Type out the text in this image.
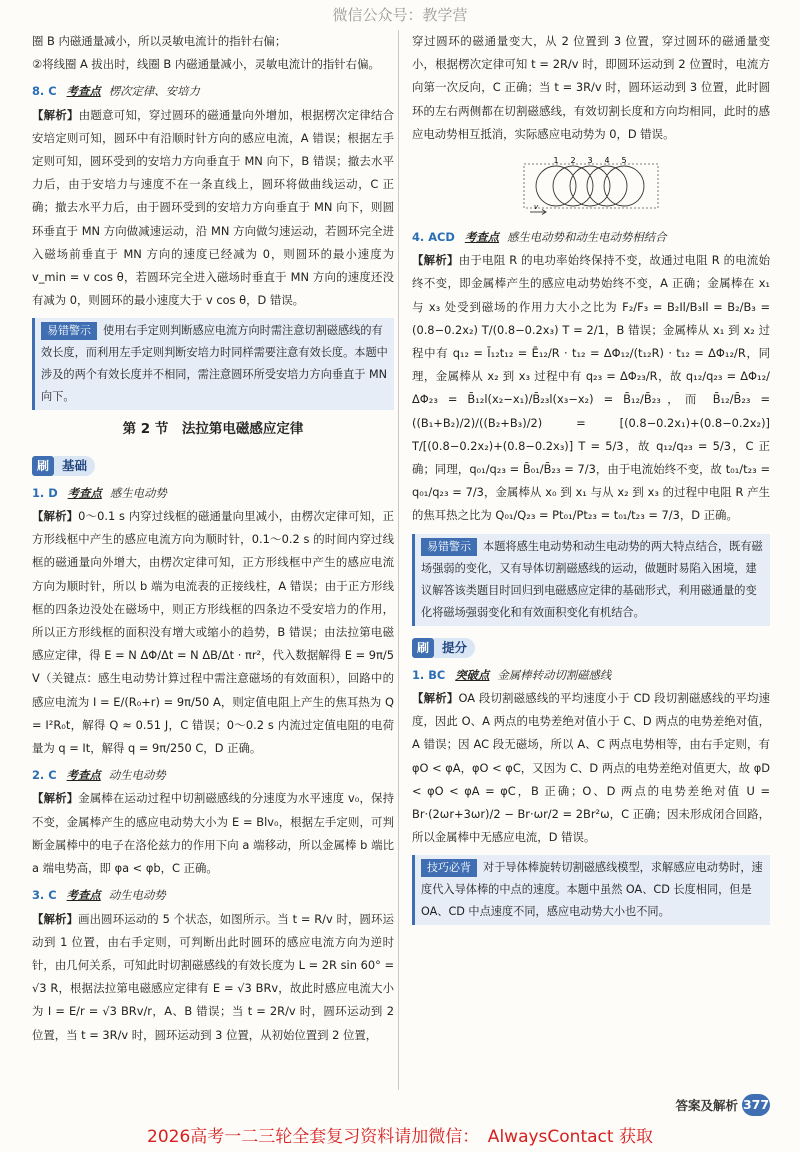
微信公众号：教学营

圈 B 内磁通量减小，所以灵敏电流计的指针右偏；

②将线圈 A 拔出时，线圈 B 内磁通量减小，灵敏电流计的指针右偏。

8. C 考查点 楞次定律、安培力

【解析】由题意可知，穿过圆环的磁通量向外增加，根据楞次定律结合安培定则可知，圆环中有沿顺时针方向的感应电流，A 错误；根据左手定则可知，圆环受到的安培力方向垂直于 MN 向下，B 错误；撤去水平力后，由于安培力与速度不在一条直线上，圆环将做曲线运动，C 正确；撤去水平力后，由于圆环受到的安培力方向垂直于 MN 向下，则圆环垂直于 MN 方向做减速运动，沿 MN 方向做匀速运动，若圆环完全进入磁场前垂直于 MN 方向的速度已经减为 0，则圆环的最小速度为 v_min = v cos θ，若圆环完全进入磁场时垂直于 MN 方向的速度还没有减为 0，则圆环的最小速度大于 v cos θ，D 错误。

易错警示 使用右手定则判断感应电流方向时需注意切割磁感线的有效长度，而利用左手定则判断安培力时同样需要注意有效长度。本题中涉及的两个有效长度并不相同，需注意圆环所受安培力方向垂直于 MN 向下。
第 2 节　法拉第电磁感应定律
刷	基础

1. D 考查点 感生电动势

【解析】0～0.1 s 内穿过线框的磁通量向里减小，由楞次定律可知，正方形线框中产生的感应电流方向为顺时针，0.1～0.2 s 的时间内穿过线框的磁通量向外增大，由楞次定律可知，正方形线框中产生的感应电流方向为顺时针，所以 b 端为电流表的正接线柱，A 错误；由于正方形线框的四条边没处在磁场中，则正方形线框的四条边不受安培力的作用，所以正方形线框的面积没有增大或缩小的趋势，B 错误；由法拉第电磁感应定律，得 E = N ΔΦ/Δt = N ΔB/Δt · πr²，代入数据解得 E = 9π/5 V（关键点：感生电动势计算过程中需注意磁场的有效面积），回路中的感应电流为 I = E/(R₀+r) = 9π/50 A，则定值电阻上产生的焦耳热为 Q = I²R₀t，解得 Q ≈ 0.51 J，C 错误；0～0.2 s 内流过定值电阻的电荷量为 q = It，解得 q = 9π/250 C，D 正确。

2. C 考查点 动生电动势

【解析】金属棒在运动过程中切割磁感线的分速度为水平速度 v₀，保持不变，金属棒产生的感应电动势大小为 E = Blv₀，根据左手定则，可判断金属棒中的电子在洛伦兹力的作用下向 a 端移动，所以金属棒 b 端比 a 端电势高，即 φa < φb，C 正确。

3. C 考查点 动生电动势

【解析】画出圆环运动的 5 个状态，如图所示。当 t = R/v 时，圆环运动到 1 位置，由右手定则，可判断出此时圆环的感应电流方向为逆时针，由几何关系，可知此时切割磁感线的有效长度为 L = 2R sin 60° = √3 R，根据法拉第电磁感应定律有 E = √3 BRv，故此时感应电流大小为 I = E/r = √3 BRv/r，A、B 错误；当 t = 2R/v 时，圆环运动到 2 位置，当 t = 3R/v 时，圆环运动到 3 位置，从初始位置到 2 位置，

穿过圆环的磁通量变大，从 2 位置到 3 位置，穿过圆环的磁通量变小，根据楞次定律可知 t = 2R/v 时，即圆环运动到 2 位置时，电流方向第一次反向，C 正确；当 t = 3R/v 时，圆环运动到 3 位置，此时圆环的左右两侧都在切割磁感线，有效切割长度和方向均相同，此时的感应电动势相互抵消，实际感应电动势为 0，D 错误。

1 2 3 4 5
v

4. ACD 考查点 感生电动势和动生电动势相结合

【解析】由于电阻 R 的电功率始终保持不变，故通过电阻 R 的电流始终不变，即金属棒产生的感应电动势始终不变，A 正确；金属棒在 x₁ 与 x₃ 处受到磁场的作用力大小之比为 F₂/F₃ = B₂Il/B₃Il = B₂/B₃ = (0.8−0.2x₂) T/(0.8−0.2x₃) T = 2/1，B 错误；金属棒从 x₁ 到 x₂ 过程中有 q₁₂ = Ī₁₂t₁₂ = Ē₁₂/R · t₁₂ = ΔΦ₁₂/(t₁₂R) · t₁₂ = ΔΦ₁₂/R，同理，金属棒从 x₂ 到 x₃ 过程中有 q₂₃ = ΔΦ₂₃/R，故 q₁₂/q₂₃ = ΔΦ₁₂/ΔΦ₂₃ = B̄₁₂l(x₂−x₁)/B̄₂₃l(x₃−x₂) = B̄₁₂/B̄₂₃，而 B̄₁₂/B̄₂₃ = ((B₁+B₂)/2)/((B₂+B₃)/2) = [(0.8−0.2x₁)+(0.8−0.2x₂)] T/[(0.8−0.2x₂)+(0.8−0.2x₃)] T = 5/3，故 q₁₂/q₂₃ = 5/3，C 正确；同理，q₀₁/q₂₃ = B̄₀₁/B̄₂₃ = 7/3，由于电流始终不变，故 t₀₁/t₂₃ = q₀₁/q₂₃ = 7/3，金属棒从 x₀ 到 x₁ 与从 x₂ 到 x₃ 的过程中电阻 R 产生的焦耳热之比为 Q₀₁/Q₂₃ = Pt₀₁/Pt₂₃ = t₀₁/t₂₃ = 7/3，D 正确。

易错警示 本题将感生电动势和动生电动势的两大特点结合，既有磁场强弱的变化，又有导体切割磁感线的运动，做题时易陷入困境，建议解答该类题目时回归到电磁感应定律的基础形式，利用磁通量的变化将磁场强弱变化和有效面积变化有机结合。
刷	提分

1. BC 突破点 金属棒转动切割磁感线

【解析】OA 段切割磁感线的平均速度小于 CD 段切割磁感线的平均速度，因此 O、A 两点的电势差绝对值小于 C、D 两点的电势差绝对值，A 错误；因 AC 段无磁场，所以 A、C 两点电势相等，由右手定则，有 φO < φA，φO < φC，又因为 C、D 两点的电势差绝对值更大，故 φD < φO < φA = φC，B 正确；O、D 两点的电势差绝对值 U = Br·(2ωr+3ωr)/2 − Br·ωr/2 = 2Br²ω，C 正确；因未形成闭合回路，所以金属棒中无感应电流，D 错误。

技巧必背 对于导体棒旋转切割磁感线模型，求解感应电动势时，速度代入导体棒的中点的速度。本题中虽然 OA、CD 长度相同，但是 OA、CD 中点速度不同，感应电动势大小也不同。
答案及解析 377
2026高考一二三轮全套复习资料请加微信：　AlwaysContact 获取
